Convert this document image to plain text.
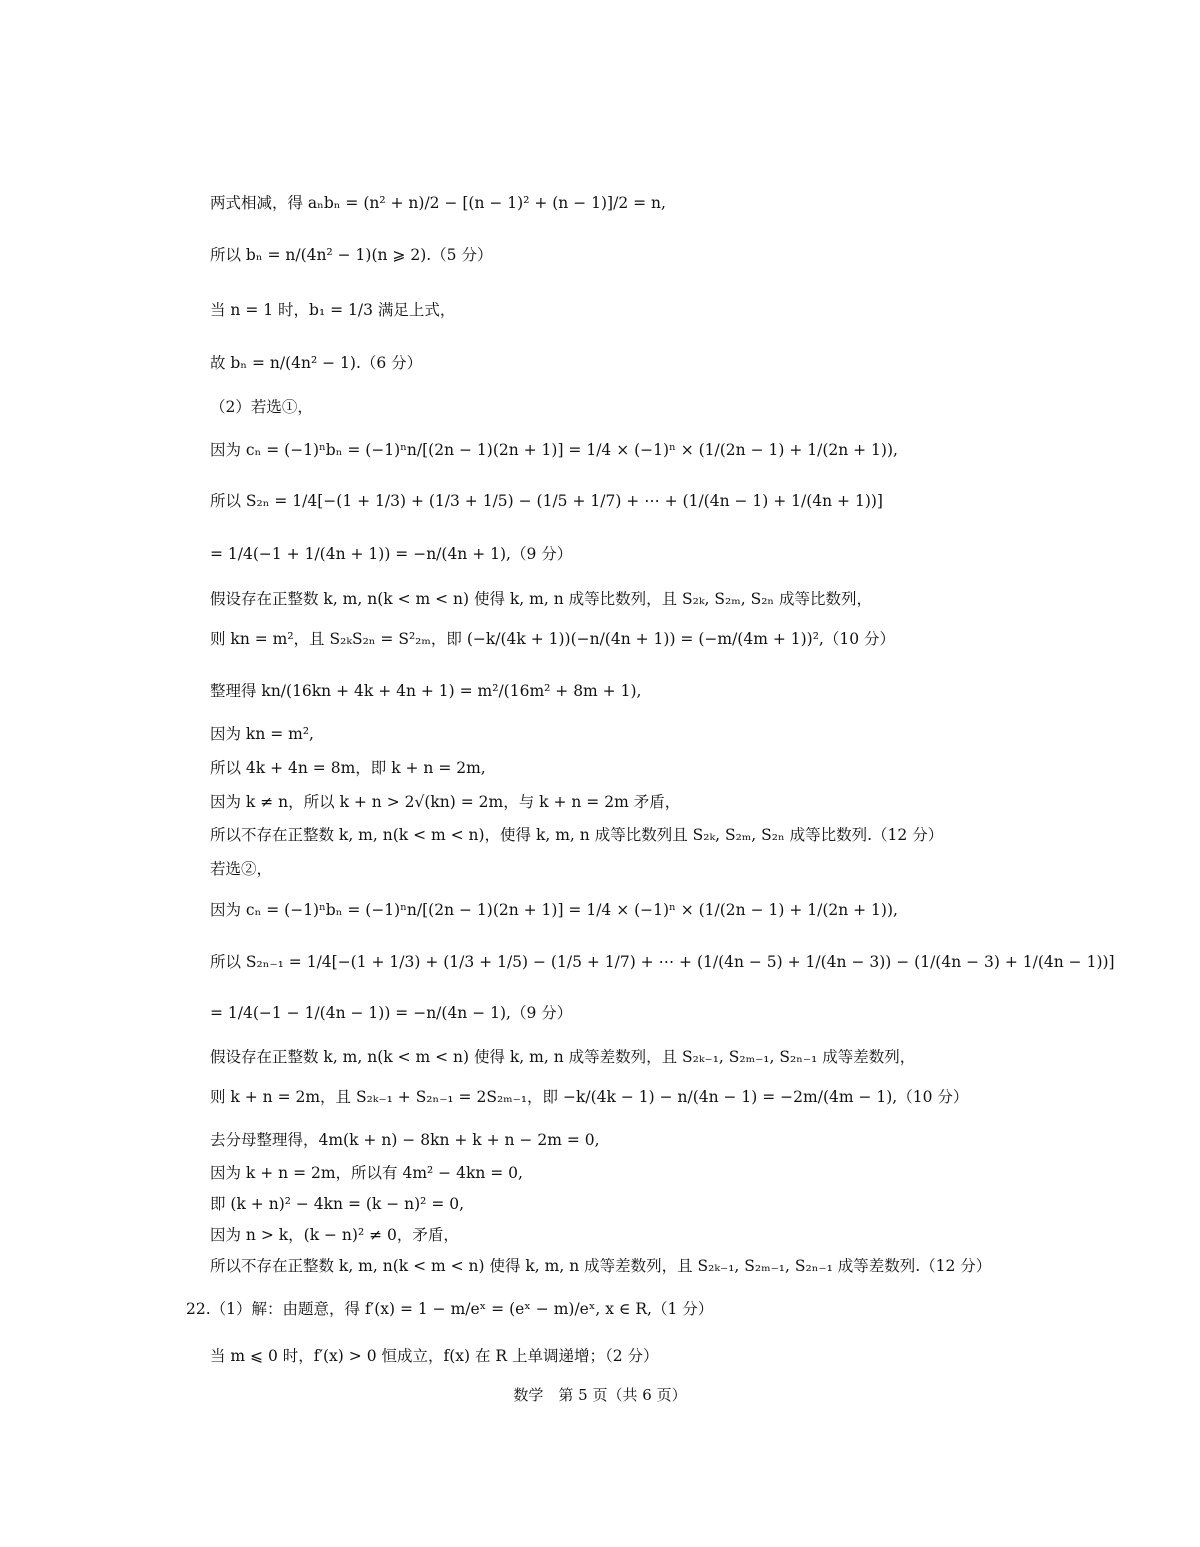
两式相减，得 aₙbₙ = (n² + n)/2 − [(n − 1)² + (n − 1)]/2 = n,
所以 bₙ = n/(4n² − 1)(n ⩾ 2).（5 分）
当 n = 1 时，b₁ = 1/3 满足上式，
故 bₙ = n/(4n² − 1).（6 分）
（2）若选①，
因为 cₙ = (−1)ⁿbₙ = (−1)ⁿn/[(2n − 1)(2n + 1)] = 1/4 × (−1)ⁿ × (1/(2n − 1) + 1/(2n + 1)),
所以 S₂ₙ = 1/4[−(1 + 1/3) + (1/3 + 1/5) − (1/5 + 1/7) + ⋯ + (1/(4n − 1) + 1/(4n + 1))]
= 1/4(−1 + 1/(4n + 1)) = −n/(4n + 1),（9 分）
假设存在正整数 k, m, n(k < m < n) 使得 k, m, n 成等比数列，且 S₂ₖ, S₂ₘ, S₂ₙ 成等比数列，
则 kn = m²，且 S₂ₖS₂ₙ = S²₂ₘ，即 (−k/(4k + 1))(−n/(4n + 1)) = (−m/(4m + 1))²,（10 分）
整理得 kn/(16kn + 4k + 4n + 1) = m²/(16m² + 8m + 1),
因为 kn = m²,
所以 4k + 4n = 8m，即 k + n = 2m,
因为 k ≠ n，所以 k + n > 2√(kn) = 2m，与 k + n = 2m 矛盾，
所以不存在正整数 k, m, n(k < m < n)，使得 k, m, n 成等比数列且 S₂ₖ, S₂ₘ, S₂ₙ 成等比数列.（12 分）
若选②，
因为 cₙ = (−1)ⁿbₙ = (−1)ⁿn/[(2n − 1)(2n + 1)] = 1/4 × (−1)ⁿ × (1/(2n − 1) + 1/(2n + 1)),
所以 S₂ₙ₋₁ = 1/4[−(1 + 1/3) + (1/3 + 1/5) − (1/5 + 1/7) + ⋯ + (1/(4n − 5) + 1/(4n − 3)) − (1/(4n − 3) + 1/(4n − 1))]
= 1/4(−1 − 1/(4n − 1)) = −n/(4n − 1),（9 分）
假设存在正整数 k, m, n(k < m < n) 使得 k, m, n 成等差数列，且 S₂ₖ₋₁, S₂ₘ₋₁, S₂ₙ₋₁ 成等差数列，
则 k + n = 2m，且 S₂ₖ₋₁ + S₂ₙ₋₁ = 2S₂ₘ₋₁，即 −k/(4k − 1) − n/(4n − 1) = −2m/(4m − 1),（10 分）
去分母整理得，4m(k + n) − 8kn + k + n − 2m = 0,
因为 k + n = 2m，所以有 4m² − 4kn = 0,
即 (k + n)² − 4kn = (k − n)² = 0,
因为 n > k，(k − n)² ≠ 0，矛盾，
所以不存在正整数 k, m, n(k < m < n) 使得 k, m, n 成等差数列，且 S₂ₖ₋₁, S₂ₘ₋₁, S₂ₙ₋₁ 成等差数列.（12 分）
22.（1）解：由题意，得 f′(x) = 1 − m/eˣ = (eˣ − m)/eˣ, x ∈ R,（1 分）
当 m ⩽ 0 时，f′(x) > 0 恒成立，f(x) 在 R 上单调递增；（2 分）
数学　第 5 页（共 6 页）
